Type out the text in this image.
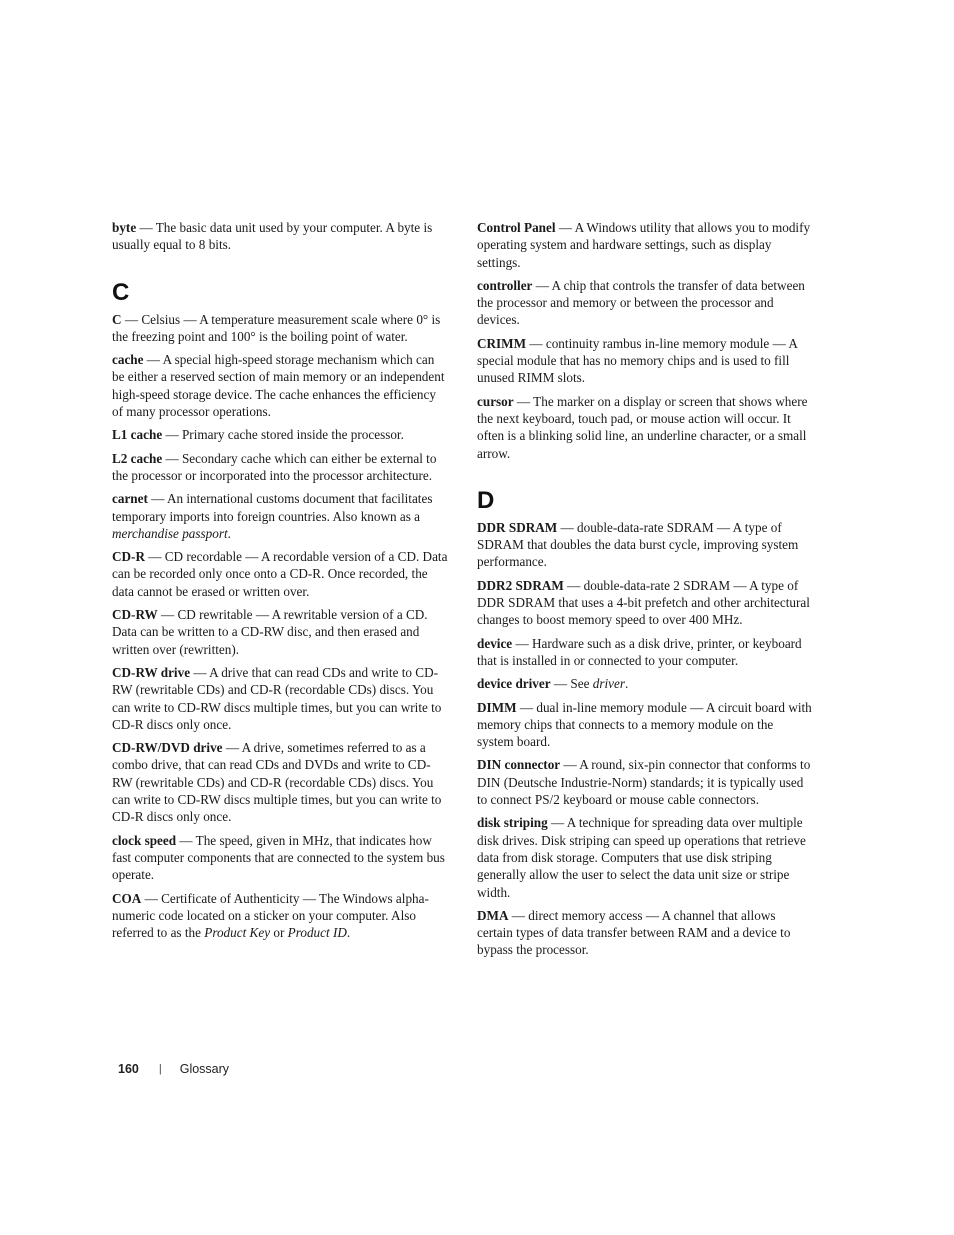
byte — The basic data unit used by your computer. A byte is usually equal to 8 bits.

C

C — Celsius — A temperature measurement scale where 0° is the freezing point and 100° is the boiling point of water.

cache — A special high-speed storage mechanism which can be either a reserved section of main memory or an independent high-speed storage device. The cache enhances the efficiency of many processor operations.

L1 cache — Primary cache stored inside the processor.

L2 cache — Secondary cache which can either be external to the processor or incorporated into the processor architecture.

carnet — An international customs document that facilitates temporary imports into foreign countries. Also known as a merchandise passport.

CD-R — CD recordable — A recordable version of a CD. Data can be recorded only once onto a CD-R. Once recorded, the data cannot be erased or written over.

CD-RW — CD rewritable — A rewritable version of a CD. Data can be written to a CD-RW disc, and then erased and written over (rewritten).

CD-RW drive — A drive that can read CDs and write to CD-RW (rewritable CDs) and CD-R (recordable CDs) discs. You can write to CD-RW discs multiple times, but you can write to CD-R discs only once.

CD-RW/DVD drive — A drive, sometimes referred to as a combo drive, that can read CDs and DVDs and write to CD-RW (rewritable CDs) and CD-R (recordable CDs) discs. You can write to CD-RW discs multiple times, but you can write to CD-R discs only once.

clock speed — The speed, given in MHz, that indicates how fast computer components that are connected to the system bus operate.

COA — Certificate of Authenticity — The Windows alpha-numeric code located on a sticker on your computer. Also referred to as the Product Key or Product ID.

Control Panel — A Windows utility that allows you to modify operating system and hardware settings, such as display settings.

controller — A chip that controls the transfer of data between the processor and memory or between the processor and devices.

CRIMM — continuity rambus in-line memory module — A special module that has no memory chips and is used to fill unused RIMM slots.

cursor — The marker on a display or screen that shows where the next keyboard, touch pad, or mouse action will occur. It often is a blinking solid line, an underline character, or a small arrow.

D

DDR SDRAM — double-data-rate SDRAM — A type of SDRAM that doubles the data burst cycle, improving system performance.

DDR2 SDRAM — double-data-rate 2 SDRAM — A type of DDR SDRAM that uses a 4-bit prefetch and other architectural changes to boost memory speed to over 400 MHz.

device — Hardware such as a disk drive, printer, or keyboard that is installed in or connected to your computer.

device driver — See driver.

DIMM — dual in-line memory module — A circuit board with memory chips that connects to a memory module on the system board.

DIN connector — A round, six-pin connector that conforms to DIN (Deutsche Industrie-Norm) standards; it is typically used to connect PS/2 keyboard or mouse cable connectors.

disk striping — A technique for spreading data over multiple disk drives. Disk striping can speed up operations that retrieve data from disk storage. Computers that use disk striping generally allow the user to select the data unit size or stripe width.

DMA — direct memory access — A channel that allows certain types of data transfer between RAM and a device to bypass the processor.

160 | Glossary
